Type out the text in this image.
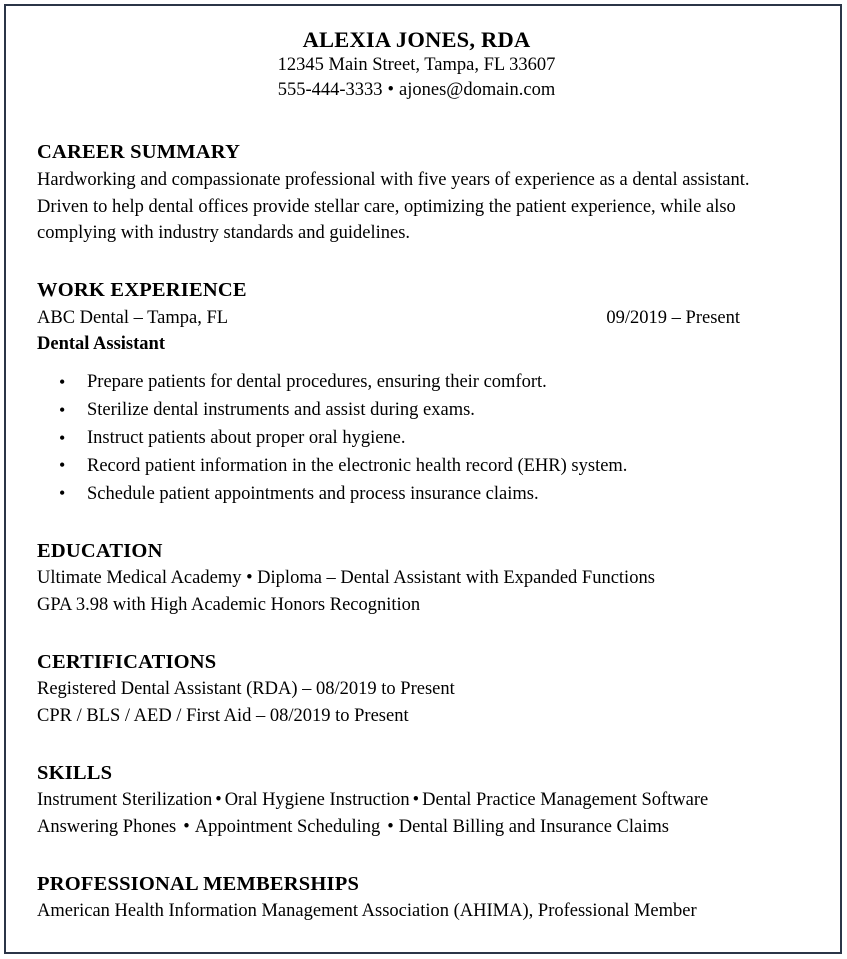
ALEXIA JONES, RDA
12345 Main Street, Tampa, FL 33607
555-444-3333 • ajones@domain.com
CAREER SUMMARY

Hardworking and compassionate professional with five years of experience as a dental assistant. Driven to help dental offices provide stellar care, optimizing the patient experience, while also complying with industry standards and guidelines.

WORK EXPERIENCE
ABC Dental – Tampa, FL	09/2019 – Present
Dental Assistant
• Prepare patients for dental procedures, ensuring their comfort.
• Sterilize dental instruments and assist during exams.
• Instruct patients about proper oral hygiene.
• Record patient information in the electronic health record (EHR) system.
• Schedule patient appointments and process insurance claims.
EDUCATION
Ultimate Medical Academy • Diploma – Dental Assistant with Expanded Functions
GPA 3.98 with High Academic Honors Recognition
CERTIFICATIONS
Registered Dental Assistant (RDA) – 08/2019 to Present
CPR / BLS / AED / First Aid – 08/2019 to Present
SKILLS
Instrument Sterilization • Oral Hygiene Instruction • Dental Practice Management Software
Answering Phones • Appointment Scheduling • Dental Billing and Insurance Claims
PROFESSIONAL MEMBERSHIPS
American Health Information Management Association (AHIMA), Professional Member
